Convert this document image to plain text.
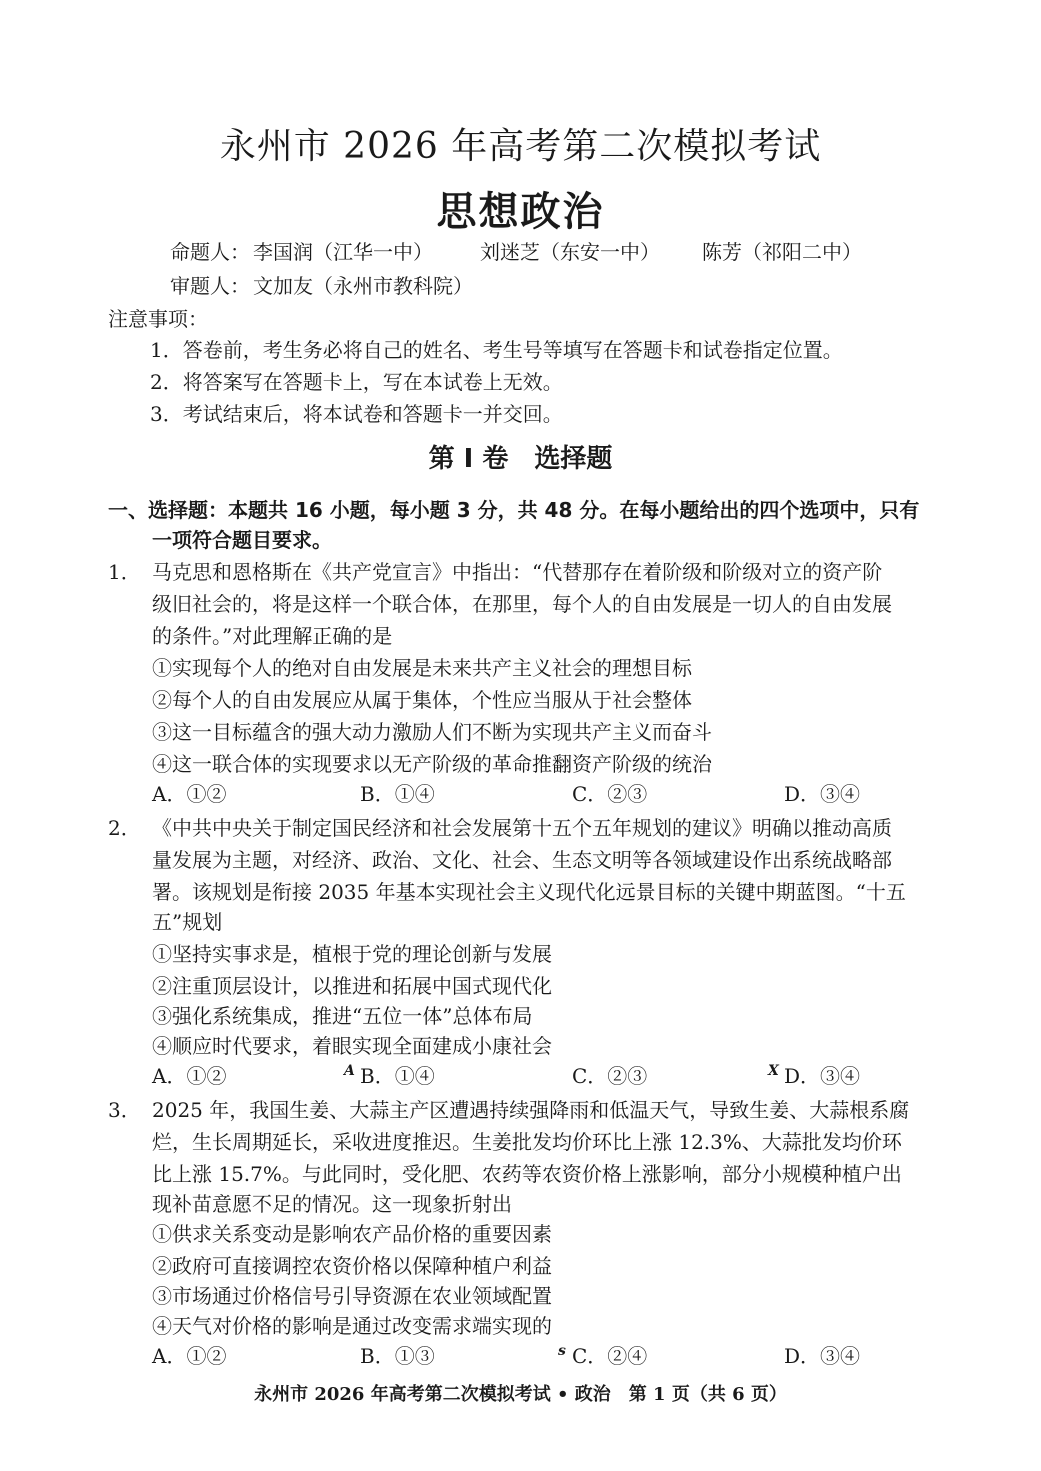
永州市 2026 年高考第二次模拟考试
思想政治
命题人： 李国润（江华一中） 刘迷芝（东安一中） 陈芳（祁阳二中）
审题人： 文加友（永州市教科院）
注意事项：
1．答卷前，考生务必将自己的姓名、考生号等填写在答题卡和试卷指定位置。
2．将答案写在答题卡上，写在本试卷上无效。
3．考试结束后，将本试卷和答题卡一并交回。
第 Ⅰ 卷　选择题
一、选择题：本题共 16 小题，每小题 3 分，共 48 分。在每小题给出的四个选项中，只有
一项符合题目要求。
1． 马克思和恩格斯在《共产党宣言》中指出：“代替那存在着阶级和阶级对立的资产阶
级旧社会的，将是这样一个联合体，在那里，每个人的自由发展是一切人的自由发展
的条件。”对此理解正确的是
①实现每个人的绝对自由发展是未来共产主义社会的理想目标
②每个人的自由发展应从属于集体，个性应当服从于社会整体
③这一目标蕴含的强大动力激励人们不断为实现共产主义而奋斗
④这一联合体的实现要求以无产阶级的革命推翻资产阶级的统治
A．①②	B．①④	C．②③	D．③④
2． 《中共中央关于制定国民经济和社会发展第十五个五年规划的建议》明确以推动高质
量发展为主题，对经济、政治、文化、社会、生态文明等各领域建设作出系统战略部
署。该规划是衔接 2035 年基本实现社会主义现代化远景目标的关键中期蓝图。“十五
五”规划
①坚持实事求是，植根于党的理论创新与发展
②注重顶层设计，以推进和拓展中国式现代化
③强化系统集成，推进“五位一体”总体布局
④顺应时代要求，着眼实现全面建成小康社会
A．①②	A B．①④	C．②③	X D．③④
3． 2025 年，我国生姜、大蒜主产区遭遇持续强降雨和低温天气，导致生姜、大蒜根系腐
烂，生长周期延长，采收进度推迟。生姜批发均价环比上涨 12.3%、大蒜批发均价环
比上涨 15.7%。与此同时，受化肥、农药等农资价格上涨影响，部分小规模种植户出
现补苗意愿不足的情况。这一现象折射出
①供求关系变动是影响农产品价格的重要因素
②政府可直接调控农资价格以保障种植户利益
③市场通过价格信号引导资源在农业领域配置
④天气对价格的影响是通过改变需求端实现的
A．①②	B．①③	s C．②④	D．③④
永州市 2026 年高考第二次模拟考试 • 政治　第 1 页（共 6 页）
